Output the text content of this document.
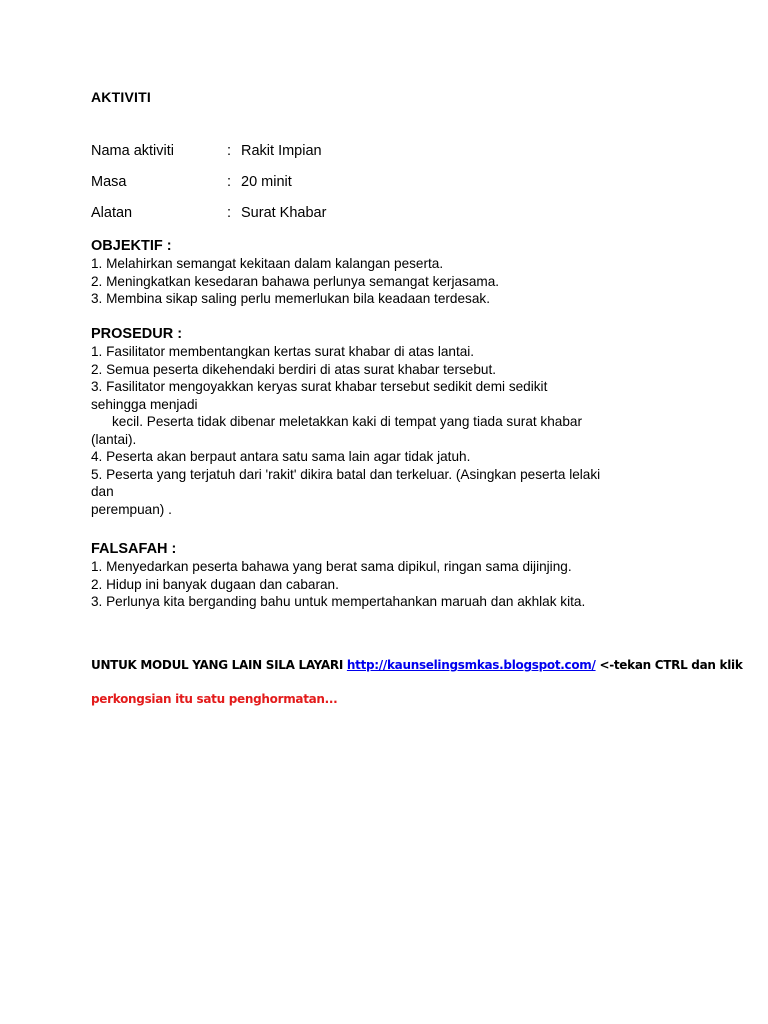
AKTIVITI
Nama aktiviti	: Rakit Impian
Masa	: 20 minit
Alatan	: Surat Khabar
OBJEKTIF :
1. Melahirkan semangat kekitaan dalam kalangan peserta.
2. Meningkatkan kesedaran bahawa perlunya semangat kerjasama.
3. Membina sikap saling perlu memerlukan bila keadaan terdesak.
PROSEDUR :
1. Fasilitator membentangkan kertas surat khabar di atas lantai.
2. Semua peserta dikehendaki berdiri di atas surat khabar tersebut.
3. Fasilitator mengoyakkan keryas surat khabar tersebut sedikit demi sedikit
sehingga menjadi
kecil. Peserta tidak dibenar meletakkan kaki di tempat yang tiada surat khabar
(lantai).
4. Peserta akan berpaut antara satu sama lain agar tidak jatuh.
5. Peserta yang terjatuh dari 'rakit' dikira batal dan terkeluar. (Asingkan peserta lelaki
dan
perempuan) .
FALSAFAH :
1. Menyedarkan peserta bahawa yang berat sama dipikul, ringan sama dijinjing.
2. Hidup ini banyak dugaan dan cabaran.
3. Perlunya kita berganding bahu untuk mempertahankan maruah dan akhlak kita.
UNTUK MODUL YANG LAIN SILA LAYARI http://kaunselingsmkas.blogspot.com/ <-tekan CTRL dan klik
perkongsian itu satu penghormatan...
